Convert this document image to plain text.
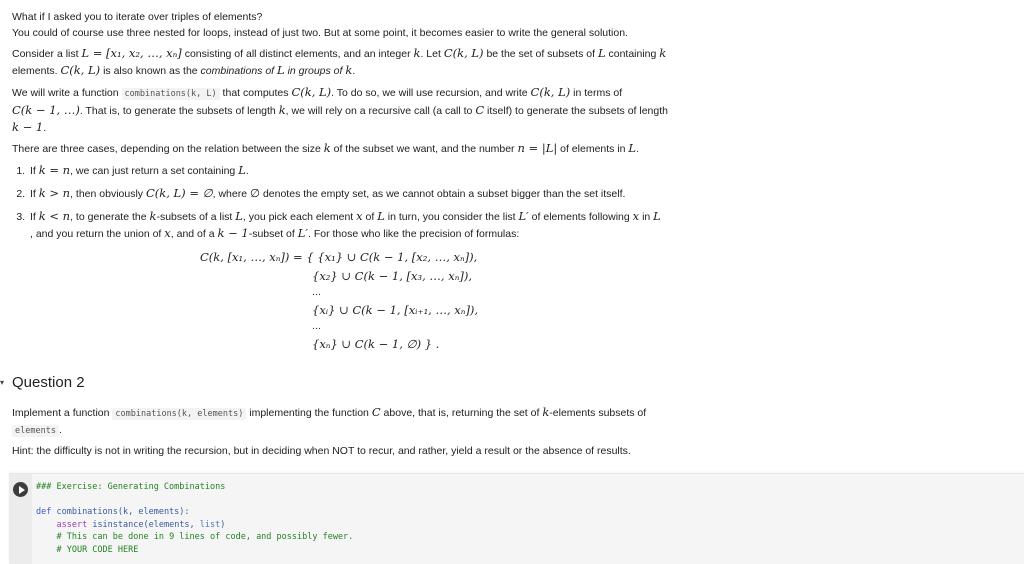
What if I asked you to iterate over triples of elements?
You could of course use three nested for loops, instead of just two. But at some point, it becomes easier to write the general solution.
Consider a list L = [x₁, x₂, …, xₙ] consisting of all distinct elements, and an integer k. Let C(k, L) be the set of subsets of L containing k
elements. C(k, L) is also known as the combinations of L in groups of k.
We will write a function combinations(k, L) that computes C(k, L). To do so, we will use recursion, and write C(k, L) in terms of
C(k − 1, …). That is, to generate the subsets of length k, we will rely on a recursive call (a call to C itself) to generate the subsets of length
k − 1.
There are three cases, depending on the relation between the size k of the subset we want, and the number n = |L| of elements in L.
1. If k = n, we can just return a set containing L.
2. If k > n, then obviously C(k, L) = ∅, where ∅ denotes the empty set, as we cannot obtain a subset bigger than the set itself.
3. If k < n, to generate the k-subsets of a list L, you pick each element x of L in turn, you consider the list L′ of elements following x in L
, and you return the union of x, and of a k − 1-subset of L′. For those who like the precision of formulas:
C(k, [x₁, …, xₙ]) = { {x₁} ∪ C(k − 1, [x₂, …, xₙ]),
{x₂} ∪ C(k − 1, [x₃, …, xₙ]),
…
{xᵢ} ∪ C(k − 1, [xᵢ₊₁, …, xₙ]),
…
{xₙ} ∪ C(k − 1, ∅) } .
▾ Question 2
Implement a function combinations(k, elements) implementing the function C above, that is, returning the set of k-elements subsets of
elements .
Hint: the difficulty is not in writing the recursion, but in deciding when NOT to recur, and rather, yield a result or the absence of results.
### Exercise: Generating Combinations

def combinations(k, elements):
assert isinstance(elements, list)
# This can be done in 9 lines of code, and possibly fewer.
# YOUR CODE HERE
